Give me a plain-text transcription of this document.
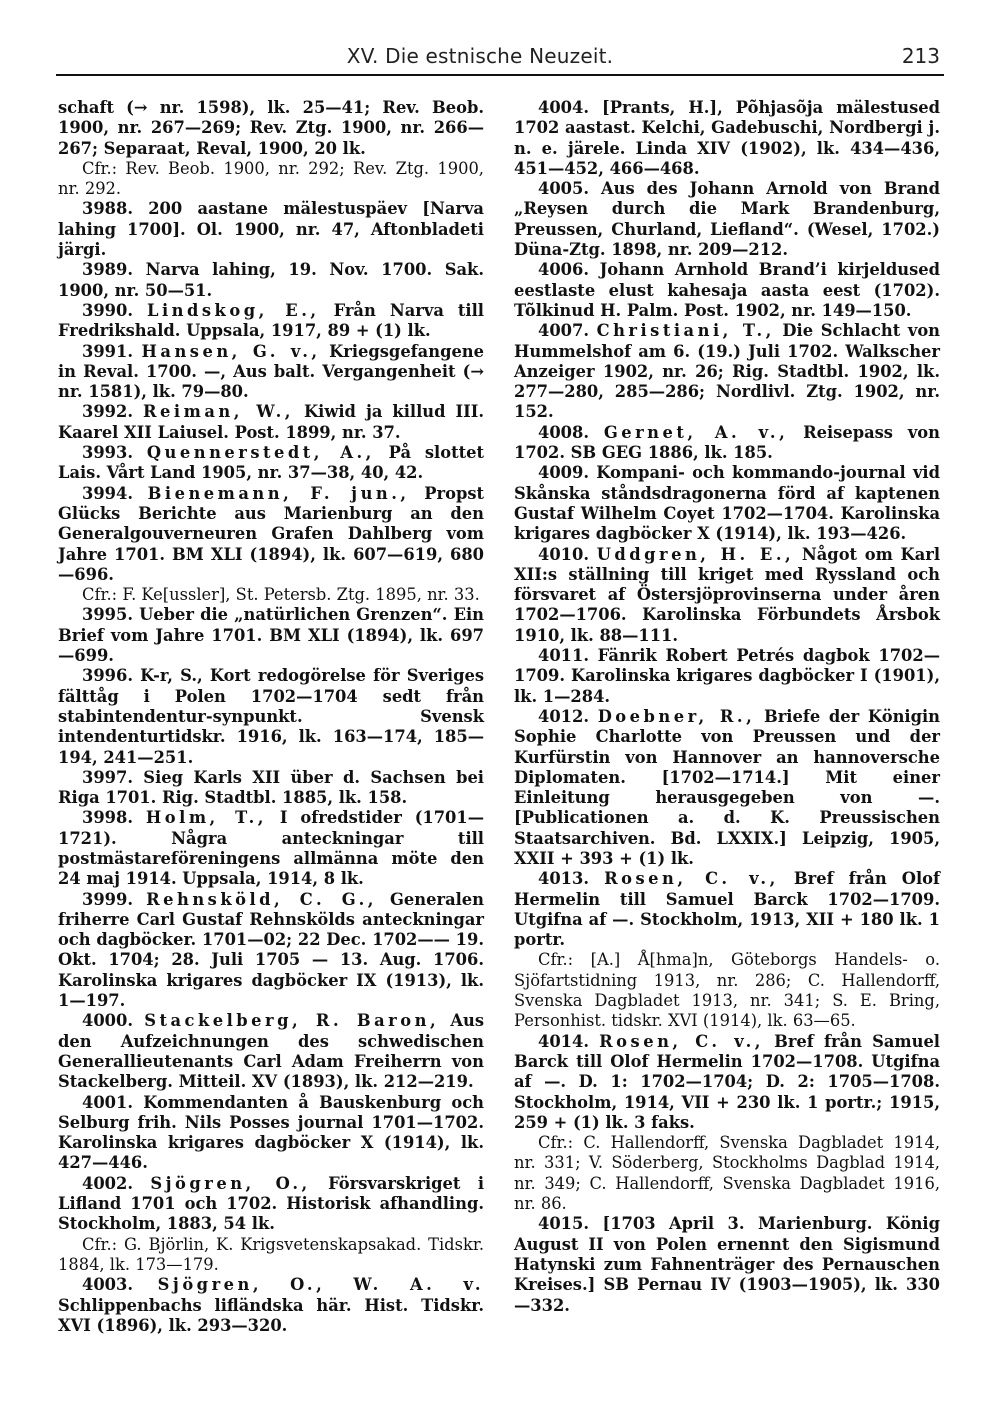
XV. Die estnische Neuzeit.	213

schaft (→ nr. 1598), lk. 25—41; Rev. Beob. 1900, nr. 267—269; Rev. Ztg. 1900, nr. 266—267; Separaat, Reval, 1900, 20 lk.

Cfr.: Rev. Beob. 1900, nr. 292; Rev. Ztg. 1900, nr. 292.

3988. 200 aastane mälestuspäev [Narva lahing 1700]. Ol. 1900, nr. 47, Aftonbladeti järgi.

3989. Narva lahing, 19. Nov. 1700. Sak. 1900, nr. 50—51.

3990. Lindskog, E., Från Narva till Fredrikshald. Uppsala, 1917, 89 + (1) lk.

3991. Hansen, G. v., Kriegsgefangene in Reval. 1700. —, Aus balt. Vergangenheit (→ nr. 1581), lk. 79—80.

3992. Reiman, W., Kiwid ja killud III. Kaarel XII Laiusel. Post. 1899, nr. 37.

3993. Quennerstedt, A., På slottet Lais. Vårt Land 1905, nr. 37—38, 40, 42.

3994. Bienemann, F. jun., Propst Glücks Berichte aus Marienburg an den Generalgouverneuren Grafen Dahlberg vom Jahre 1701. BM XLI (1894), lk. 607—619, 680—696.

Cfr.: F. Ke[ussler], St. Petersb. Ztg. 1895, nr. 33.

3995. Ueber die „natürlichen Grenzen“. Ein Brief vom Jahre 1701. BM XLI (1894), lk. 697—699.

3996. K-r, S., Kort redogörelse för Sveriges fälttåg i Polen 1702—1704 sedt från stabintendentur-synpunkt. Svensk intendenturtidskr. 1916, lk. 163—174, 185—194, 241—251.

3997. Sieg Karls XII über d. Sachsen bei Riga 1701. Rig. Stadtbl. 1885, lk. 158.

3998. Holm, T., I ofredstider (1701—1721). Några anteckningar till postmästareföreningens allmänna möte den 24 maj 1914. Uppsala, 1914, 8 lk.

3999. Rehnsköld, C. G., Generalen friherre Carl Gustaf Rehnskölds anteckningar och dagböcker. 1701—02; 22 Dec. 1702—— 19. Okt. 1704; 28. Juli 1705 — 13. Aug. 1706. Karolinska krigares dagböcker IX (1913), lk. 1—197.

4000. Stackelberg, R. Baron, Aus den Aufzeichnungen des schwedischen Generallieutenants Carl Adam Freiherrn von Stackelberg. Mitteil. XV (1893), lk. 212—219.

4001. Kommendanten å Bauskenburg och Selburg frih. Nils Posses journal 1701—1702. Karolinska krigares dagböcker X (1914), lk. 427—446.

4002. Sjögren, O., Försvarskriget i Lifland 1701 och 1702. Historisk afhandling. Stockholm, 1883, 54 lk.

Cfr.: G. Björlin, K. Krigsvetenskapsakad. Tidskr. 1884, lk. 173—179.

4003. Sjögren, O., W. A. v. Schlippenbachs lifländska här. Hist. Tidskr. XVI (1896), lk. 293—320.

4004. [Prants, H.], Põhjasõja mälestused 1702 aastast. Kelchi, Gadebuschi, Nordbergi j. n. e. järele. Linda XIV (1902), lk. 434—436, 451—452, 466—468.

4005. Aus des Johann Arnold von Brand „Reysen durch die Mark Brandenburg, Preussen, Churland, Liefland“. (Wesel, 1702.) Düna-Ztg. 1898, nr. 209—212.

4006. Johann Arnhold Brand’i kirjeldused eestlaste elust kahesaja aasta eest (1702). Tõlkinud H. Palm. Post. 1902, nr. 149—150.

4007. Christiani, T., Die Schlacht von Hummelshof am 6. (19.) Juli 1702. Walkscher Anzeiger 1902, nr. 26; Rig. Stadtbl. 1902, lk. 277—280, 285—286; Nordlivl. Ztg. 1902, nr. 152.

4008. Gernet, A. v., Reisepass von 1702. SB GEG 1886, lk. 185.

4009. Kompani- och kommando-journal vid Skånska ståndsdragonerna förd af kaptenen Gustaf Wilhelm Coyet 1702—1704. Karolinska krigares dagböcker X (1914), lk. 193—426.

4010. Uddgren, H. E., Något om Karl XII:s ställning till kriget med Ryssland och försvaret af Östersjöprovinserna under åren 1702—1706. Karolinska Förbundets Årsbok 1910, lk. 88—111.

4011. Fänrik Robert Petrés dagbok 1702—1709. Karolinska krigares dagböcker I (1901), lk. 1—284.

4012. Doebner, R., Briefe der Königin Sophie Charlotte von Preussen und der Kurfürstin von Hannover an hannoversche Diplomaten. [1702—1714.] Mit einer Einleitung herausgegeben von —. [Publicationen a. d. K. Preussischen Staatsarchiven. Bd. LXXIX.] Leipzig, 1905, XXII + 393 + (1) lk.

4013. Rosen, C. v., Bref från Olof Hermelin till Samuel Barck 1702—1709. Utgifna af —. Stockholm, 1913, XII + 180 lk. 1 portr.

Cfr.: [A.] Å[hma]n, Göteborgs Handels- o. Sjöfartstidning 1913, nr. 286; C. Hallendorff, Svenska Dagbladet 1913, nr. 341; S. E. Bring, Personhist. tidskr. XVI (1914), lk. 63—65.

4014. Rosen, C. v., Bref från Samuel Barck till Olof Hermelin 1702—1708. Utgifna af —. D. 1: 1702—1704; D. 2: 1705—1708. Stockholm, 1914, VII + 230 lk. 1 portr.; 1915, 259 + (1) lk. 3 faks.

Cfr.: C. Hallendorff, Svenska Dagbladet 1914, nr. 331; V. Söderberg, Stockholms Dagblad 1914, nr. 349; C. Hallendorff, Svenska Dagbladet 1916, nr. 86.

4015. [1703 April 3. Marienburg. König August II von Polen ernennt den Sigismund Hatynski zum Fahnenträger des Pernauschen Kreises.] SB Pernau IV (1903—1905), lk. 330—332.
